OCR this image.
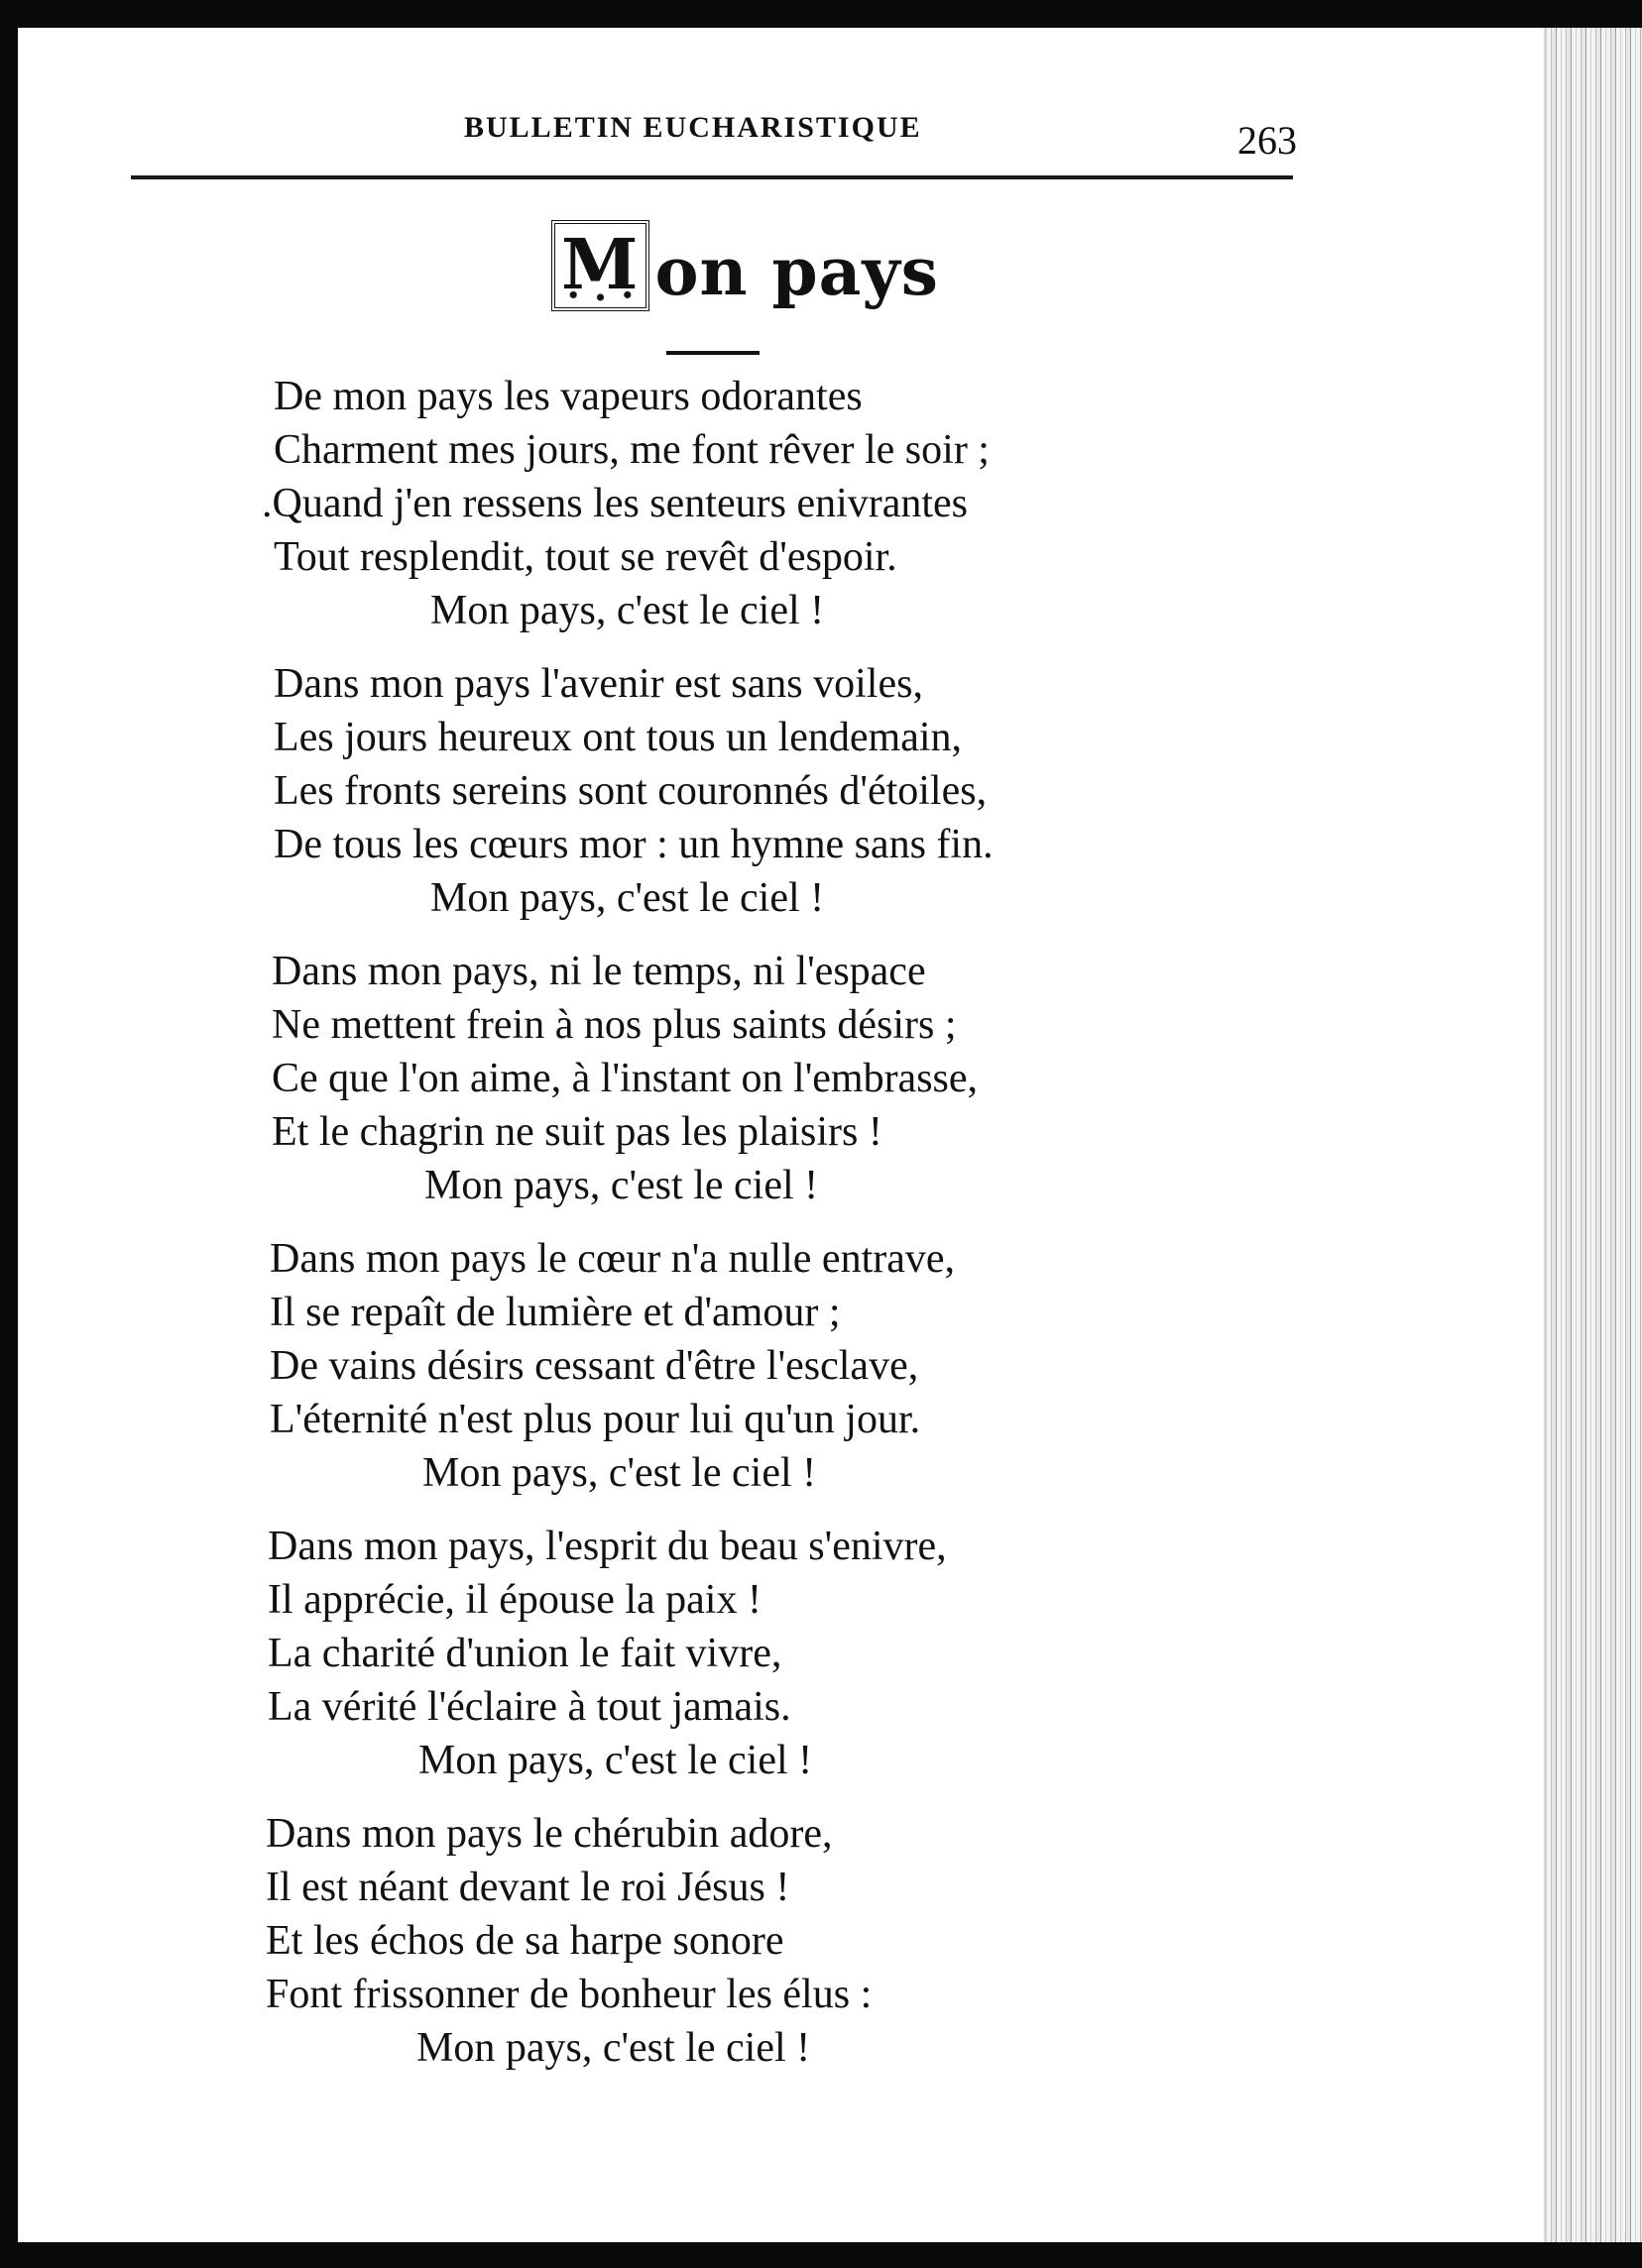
BULLETIN EUCHARISTIQUE	263
M on pays
De mon pays les vapeurs odorantes
Charment mes jours, me font rêver le soir ;
.Quand j'en ressens les senteurs enivrantes
Tout resplendit, tout se revêt d'espoir.
Mon pays, c'est le ciel !
Dans mon pays l'avenir est sans voiles,
Les jours heureux ont tous un lendemain,
Les fronts sereins sont couronnés d'étoiles,
De tous les cœurs mor : un hymne sans fin.
Mon pays, c'est le ciel !
Dans mon pays, ni le temps, ni l'espace
Ne mettent frein à nos plus saints désirs ;
Ce que l'on aime, à l'instant on l'embrasse,
Et le chagrin ne suit pas les plaisirs !
Mon pays, c'est le ciel !
Dans mon pays le cœur n'a nulle entrave,
Il se repaît de lumière et d'amour ;
De vains désirs cessant d'être l'esclave,
L'éternité n'est plus pour lui qu'un jour.
Mon pays, c'est le ciel !
Dans mon pays, l'esprit du beau s'enivre,
Il apprécie, il épouse la paix !
La charité d'union le fait vivre,
La vérité l'éclaire à tout jamais.
Mon pays, c'est le ciel !
Dans mon pays le chérubin adore,
Il est néant devant le roi Jésus !
Et les échos de sa harpe sonore
Font frissonner de bonheur les élus :
Mon pays, c'est le ciel !
